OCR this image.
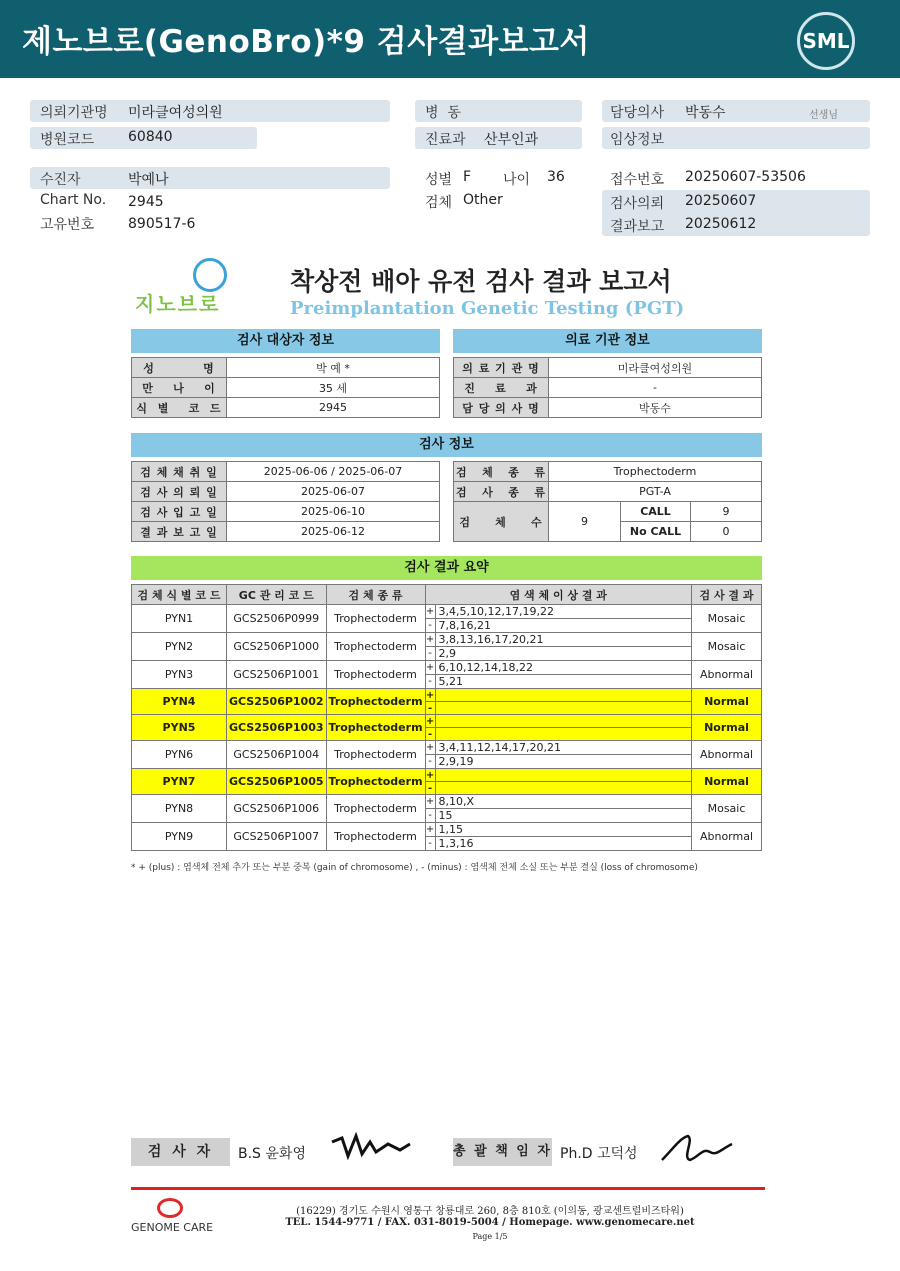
제노브로(GenoBro)*9 검사결과보고서	SML
의뢰기관명 미라클여성의원
병원코드 60840
병  동
진료과 산부인과
담당의사 박동수	선생님
임상정보
수진자	박예나
Chart No. 2945
고유번호 890517-6
성별 F 나이 36
검체 Other
접수번호 20250607-53506
검사의뢰 20250607
결과보고 20250612
지노브로
착상전 배아 유전 검사 결과 보고서
Preimplantation Genetic Testing (PGT)
검사 대상자 정보	의료 기관 정보
성          명	박 예 *
만    나    이	35 세
식  별    코  드	2945
의 료 기 관 명	미라클여성의원
진    료    과	-
담 당 의 사 명	박동수
검사 정보
검 체 채 취 일	2025-06-06 / 2025-06-07
검 사 의 뢰 일	2025-06-07
검 사 입 고 일	2025-06-10
결 과 보 고 일	2025-06-12
검   체   종   류	Trophectoderm		
검   사   종   류	PGT-A		
검     체     수	9	CALL	9
		No CALL	0
검사 결과 요약
검 체 식 별 코 드	GC 관 리 코 드	검 체 종 류	염 색 체 이 상 결 과		검 사 결 과
PYN1	GCS2506P0999	Trophectoderm	+	3,4,5,10,12,17,19,22	Mosaic
			-	7,8,16,21	
PYN2	GCS2506P1000	Trophectoderm	+	3,8,13,16,17,20,21	Mosaic
			-	2,9	
PYN3	GCS2506P1001	Trophectoderm	+	6,10,12,14,18,22	Abnormal
			-	5,21	
PYN4	GCS2506P1002	Trophectoderm	+		Normal
			-		
PYN5	GCS2506P1003	Trophectoderm	+		Normal
			-		
PYN6	GCS2506P1004	Trophectoderm	+	3,4,11,12,14,17,20,21	Abnormal
			-	2,9,19	
PYN7	GCS2506P1005	Trophectoderm	+		Normal
			-		
PYN8	GCS2506P1006	Trophectoderm	+	8,10,X	Mosaic
			-	15	
PYN9	GCS2506P1007	Trophectoderm	+	1,15	Abnormal
			-	1,3,16	
* + (plus) : 염색체 전체 추가 또는 부분 중복 (gain of chromosome) , - (minus) : 염색체 전체 소실 또는 부분 결실 (loss of chromosome)
검 사 자	B.S 윤화영	총 괄 책 임 자 Ph.D 고덕성
GENOME CARE
(16229) 경기도 수원시 영통구 창룡대로 260, 8층 810호 (이의동, 광교센트럴비즈타워)
TEL. 1544-9771 / FAX. 031-8019-5004 / Homepage. www.genomecare.net
Page 1/5
